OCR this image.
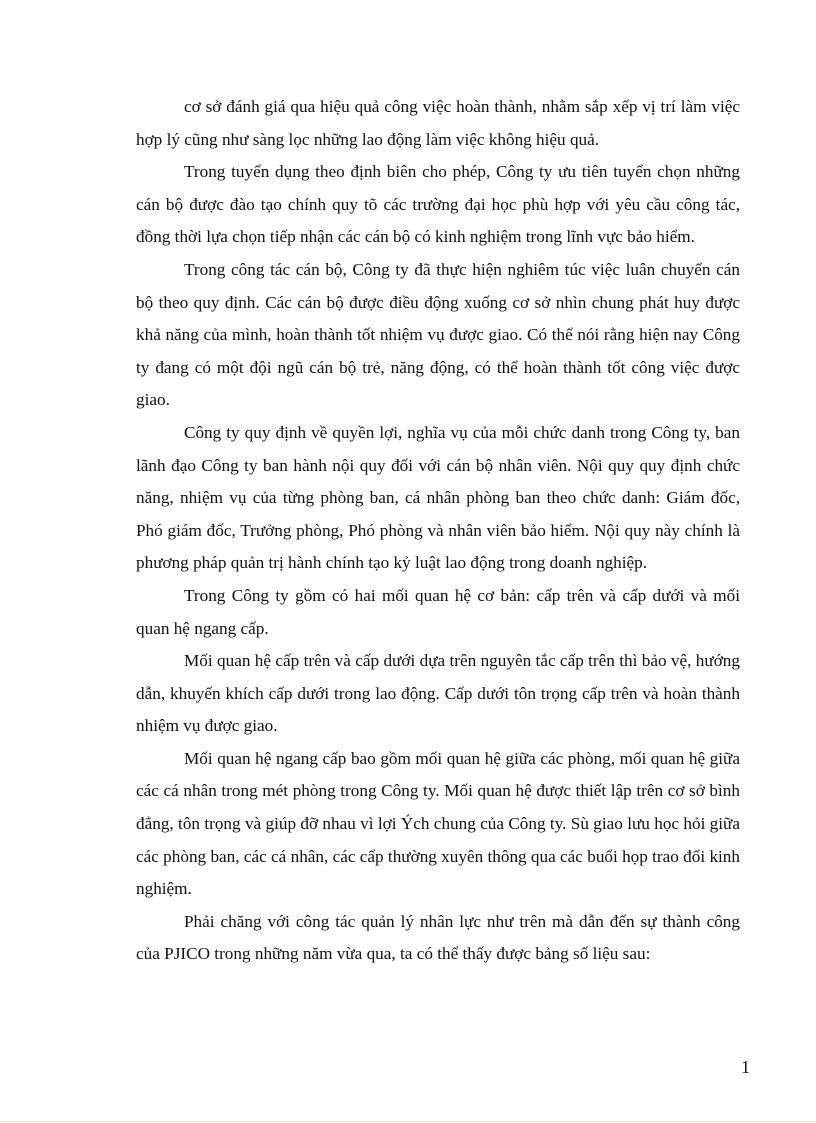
cơ sở đánh giá qua hiệu quả công việc hoàn thành, nhằm sắp xếp vị trí làm việc hợp lý cũng như sàng lọc những lao động làm việc không hiệu quả.

Trong tuyển dụng theo định biên cho phép, Công ty ưu tiên tuyển chọn những cán bộ được đào tạo chính quy tõ các trường đại học phù hợp với yêu cầu công tác, đồng thời lựa chọn tiếp nhận các cán bộ có kinh nghiệm trong lĩnh vực bảo hiểm.

Trong công tác cán bộ, Công ty đã thực hiện nghiêm túc việc luân chuyển cán bộ theo quy định. Các cán bộ được điều động xuống cơ sở nhìn chung phát huy được khả năng của mình, hoàn thành tốt nhiệm vụ được giao. Có thể nói rằng hiện nay Công ty đang có một đội ngũ cán bộ trẻ, năng động, có thể hoàn thành tốt công việc được giao.

Công ty quy định về quyền lợi, nghĩa vụ của mỗi chức danh trong Công ty, ban lãnh đạo Công ty ban hành nội quy đối với cán bộ nhân viên. Nội quy quy định chức năng, nhiệm vụ của từng phòng ban, cá nhân phòng ban theo chức danh: Giám đốc, Phó giám đốc, Trưởng phòng, Phó phòng và nhân viên bảo hiểm. Nội quy này chính là phương pháp quản trị hành chính tạo kỷ luật lao động trong doanh nghiệp.

Trong Công ty gồm có hai mối quan hệ cơ bản: cấp trên và cấp dưới và mối quan hệ ngang cấp.

Mối quan hệ cấp trên và cấp dưới dựa trên nguyên tắc cấp trên thì bảo vệ, hướng dẫn, khuyến khích cấp dưới trong lao động. Cấp dưới tôn trọng cấp trên và hoàn thành nhiệm vụ được giao.

Mối quan hệ ngang cấp bao gồm mối quan hệ giữa các phòng, mối quan hệ giữa các cá nhân trong mét phòng trong Công ty. Mối quan hệ được thiết lập trên cơ sở bình đẳng, tôn trọng và giúp đỡ nhau vì lợi Ých chung của Công ty. Sù giao lưu học hỏi giữa các phòng ban, các cá nhân, các cấp thường xuyên thông qua các buổi họp trao đổi kinh nghiệm.

Phải chăng với công tác quản lý nhân lực như trên mà dẫn đến sự thành công của PJICO trong những năm vừa qua, ta có thể thấy được bảng số liệu sau:

1
